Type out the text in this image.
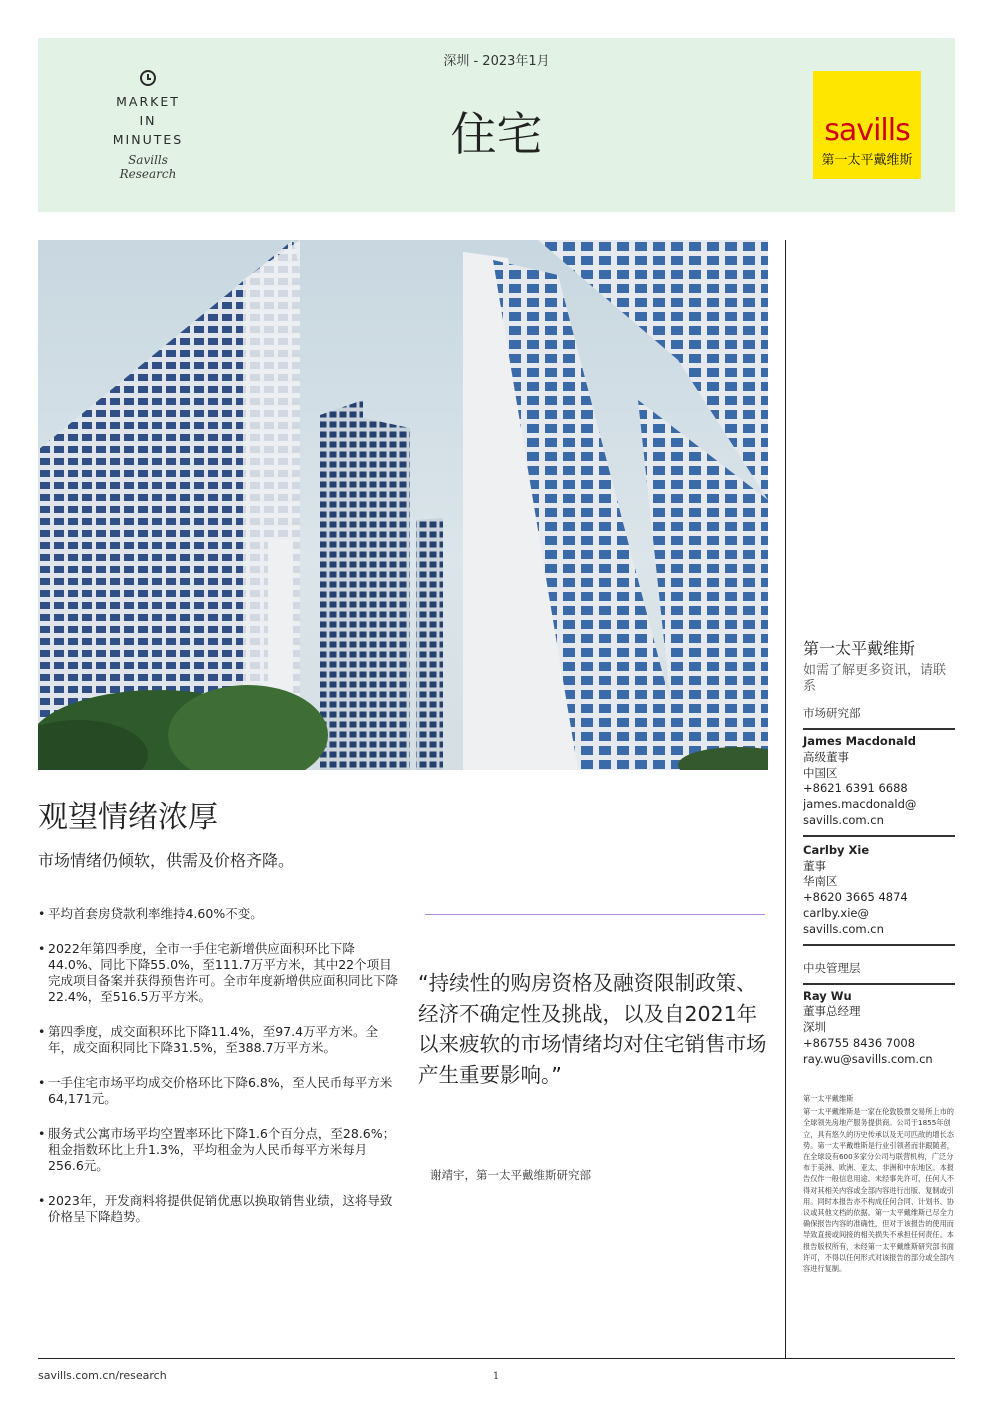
MARKET
IN
MINUTES
Savills Research
深圳 - 2023年1月
住宅	savills
第一太平戴维斯
观望情绪浓厚
市场情绪仍倾软，供需及价格齐降。
• 平均首套房贷款利率维持4.60%不变。
• 2022年第四季度，全市一手住宅新增供应面积环比下降44.0%、同比下降55.0%，至111.7万平方米，其中22个项目完成项目备案并获得预售许可。全市年度新增供应面积同比下降22.4%，至516.5万平方米。
• 第四季度，成交面积环比下降11.4%，至97.4万平方米。全年，成交面积同比下降31.5%，至388.7万平方米。
• 一手住宅市场平均成交价格环比下降6.8%，至人民币每平方米64,171元。
• 服务式公寓市场平均空置率环比下降1.6个百分点，至28.6%；租金指数环比上升1.3%，平均租金为人民币每平方米每月256.6元。
• 2023年，开发商料将提供促销优惠以换取销售业绩，这将导致价格呈下降趋势。
“持续性的购房资格及融资限制政策、经济不确定性及挑战，以及自2021年以来疲软的市场情绪均对住宅销售市场产生重要影响。”
谢靖宇，第一太平戴维斯研究部
第一太平戴维斯
如需了解更多资讯，请联系
市场研究部
James Macdonald
高级董事
中国区
+8621 6391 6688
james.macdonald@
savills.com.cn
Carlby Xie
董事
华南区
+8620 3665 4874
carlby.xie@
savills.com.cn
中央管理层
Ray Wu
董事总经理
深圳
+86755 8436 7008
ray.wu@savills.com.cn
第一太平戴维斯
第一太平戴维斯是一家在伦敦股票交易所上市的全球领先房地产服务提供商。公司于1855年创立，具有悠久的历史传承以及无可匹敌的增长态势。第一太平戴维斯是行业引领者而非跟随者，在全球设有600多家分公司与联营机构，广泛分布于美洲、欧洲、亚太、非洲和中东地区。本报告仅作一般信息用途。未经事先许可，任何人不得对其相关内容或全部内容进行出版、复制或引用。同时本报告亦不构成任何合同、计划书、协议或其他文档的依据。第一太平戴维斯已尽全力确保报告内容的准确性，但对于该报告的使用而导致直接或间接的相关损失不承担任何责任。本报告版权所有，未经第一太平戴维斯研究部书面许可，不得以任何形式对该报告的部分或全部内容进行复制。
savills.com.cn/research	1
